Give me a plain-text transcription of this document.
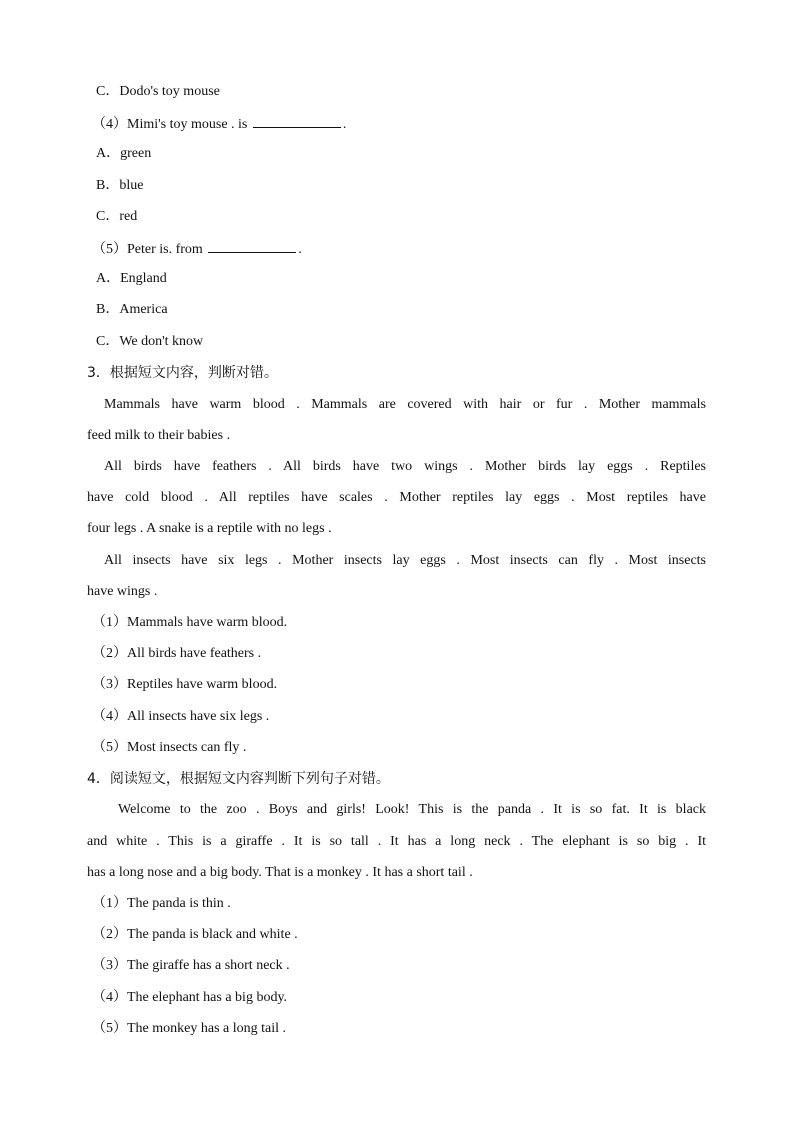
C．Dodo's toy mouse
（4）Mimi's toy mouse . is	.
A．green
B．blue
C．red
（5）Peter is. from	.
A．England
B．America
C．We don't know
3．根据短文内容，判断对错。
Mammals have warm blood . Mammals are covered with hair or fur . Mother mammals
feed milk to their babies .
All birds have feathers . All birds have two wings . Mother birds lay eggs . Reptiles
have cold blood . All reptiles have scales . Mother reptiles lay eggs . Most reptiles have
four legs . A snake is a reptile with no legs .
All insects have six legs . Mother insects lay eggs . Most insects can fly . Most insects
have wings .
（1）Mammals have warm blood.
（2）All birds have feathers .
（3）Reptiles have warm blood.
（4）All insects have six legs .
（5）Most insects can fly .
4．阅读短文，根据短文内容判断下列句子对错。
Welcome to the zoo . Boys and girls! Look! This is the panda . It is so fat. It is black
and white . This is a giraffe . It is so tall . It has a long neck . The elephant is so big . It
has a long nose and a big body. That is a monkey . It has a short tail .
（1）The panda is thin .
（2）The panda is black and white .
（3）The giraffe has a short neck .
（4）The elephant has a big body.
（5）The monkey has a long tail .
